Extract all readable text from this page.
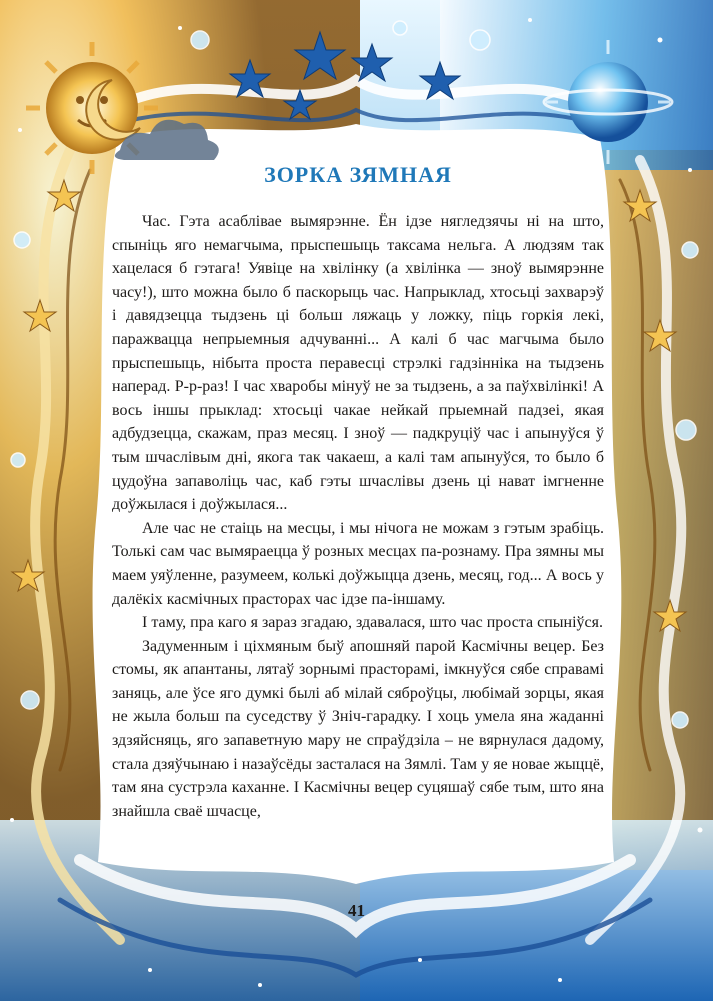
ЗОРКА ЗЯМНАЯ

Час. Гэта асаблівае вымярэнне. Ён ідзе нягледзячы ні на што, спыніць яго немагчыма, прыспешыць таксама нельга. А людзям так хацелася б гэтага! Уявіце на хвілінку (а хвілінка — зноў вымярэнне часу!), што можна было б паскорыць час. Напрыклад, хтосьці захварэў і давядзецца тыдзень ці больш ляжаць у ложку, піць горкія лекі, паражвацца непрыемныя адчуванні... А калі б час магчыма было прыспешыць, нібыта проста перавесці стрэлкі гадзінніка на тыдзень наперад. Р-р-раз! І час хваробы мінуў не за тыдзень, а за паўхвілінкі! А вось іншы прыклад: хтосьці чакае нейкай прыемнай падзеі, якая адбудзецца, скажам, праз месяц. І зноў — падкруціў час і апынуўся ў тым шчаслівым дні, якога так чакаеш, а калі там апынуўся, то было б цудоўна запаволіць час, каб гэты шчаслівы дзень ці нават імгненне доўжылася і доўжылася...

Але час не стаіць на месцы, і мы нічога не можам з гэтым зрабіць. Толькі сам час вымяраецца ў розных месцах па-рознаму. Пра зямны мы маем уяўленне, разумеем, колькі доўжыцца дзень, месяц, год... А вось у далёкіх касмічных прасторах час ідзе па-іншаму.

І таму, пра каго я зараз згадаю, здавалася, што час проста спыніўся.

Задуменным і ціхмяным быў апошняй парой Касмічны вецер. Без стомы, як апантаны, лятаў зорнымі прасторамі, імкнуўся сябе справамі заняць, але ўсе яго думкі былі аб мілай сяброўцы, любімай зорцы, якая не жыла больш па суседству ў Зніч-гарадку. І хоць умела яна жаданні здзяйсняць, яго запаветную мару не спраўдзіла – не вярнулася дадому, стала дзяўчынаю і назаўсёды засталася на Зямлі. Там у яе новае жыццё, там яна сустрэла каханне. І Касмічны вецер суцяшаў сябе тым, што яна знайшла сваё шчасце,

41
